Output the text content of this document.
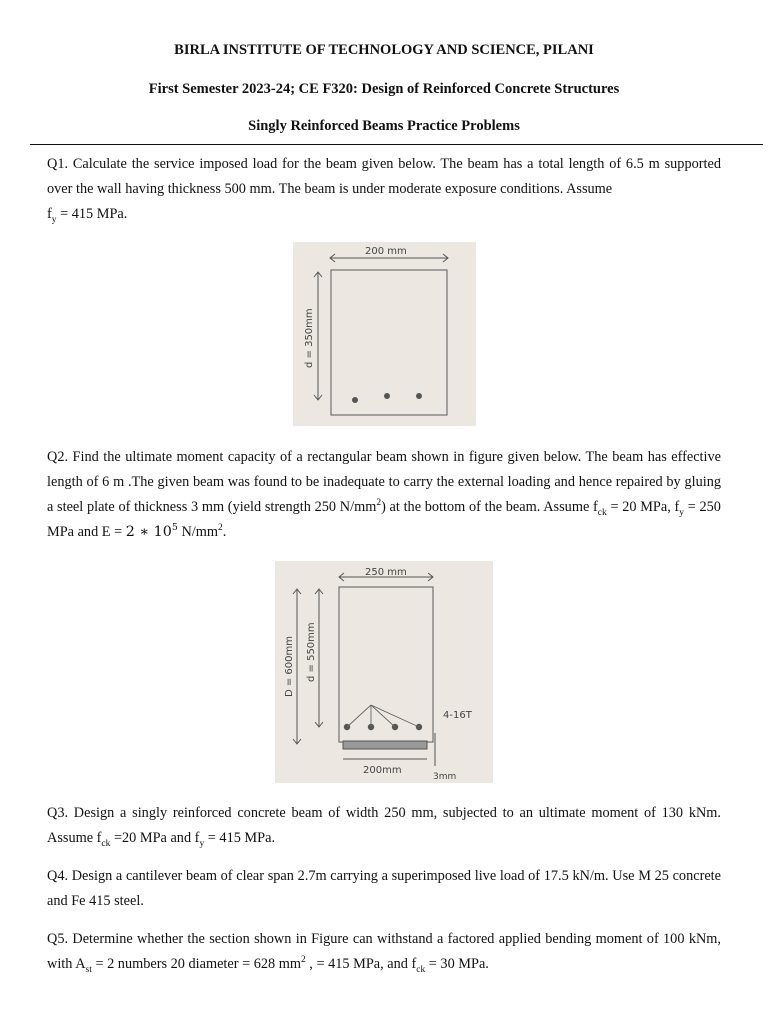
BIRLA INSTITUTE OF TECHNOLOGY AND SCIENCE, PILANI
First Semester 2023-24; CE F320: Design of Reinforced Concrete Structures
Singly Reinforced Beams Practice Problems

Q1. Calculate the service imposed load for the beam given below. The beam has a total length of 6.5 m supported over the wall having thickness 500 mm. The beam is under moderate exposure conditions. Assume
$f_y = 415$ MPa.

200 mm
d = 350mm

Q2. Find the ultimate moment capacity of a rectangular beam shown in figure given below. The beam has effective length of 6 m .The given beam was found to be inadequate to carry the external loading and hence repaired by gluing a steel plate of thickness 3 mm (yield strength 250 $N/mm^2$) at the bottom of the beam. Assume $f_{ck} = 20$ MPa, $f_y = 250$ MPa and E = 2 ∗ $10^5$ $N/mm^2$.

250 mm
D = 600mm d = 550mm
4-16T
200mm
3mm

Q3. Design a singly reinforced concrete beam of width 250 mm, subjected to an ultimate moment of 130 kNm. Assume $f_{ck} =20$ MPa and $f_y = 415$ MPa.

Q4. Design a cantilever beam of clear span 2.7m carrying a superimposed live load of 17.5 kN/m. Use M 25 concrete and Fe 415 steel.

Q5. Determine whether the section shown in Figure can withstand a factored applied bending moment of 100 kNm, with $A_{st} = 2$ numbers 20 diameter = 628 $mm^2$ , = 415 MPa, and $f_{ck} = 30$ MPa.
